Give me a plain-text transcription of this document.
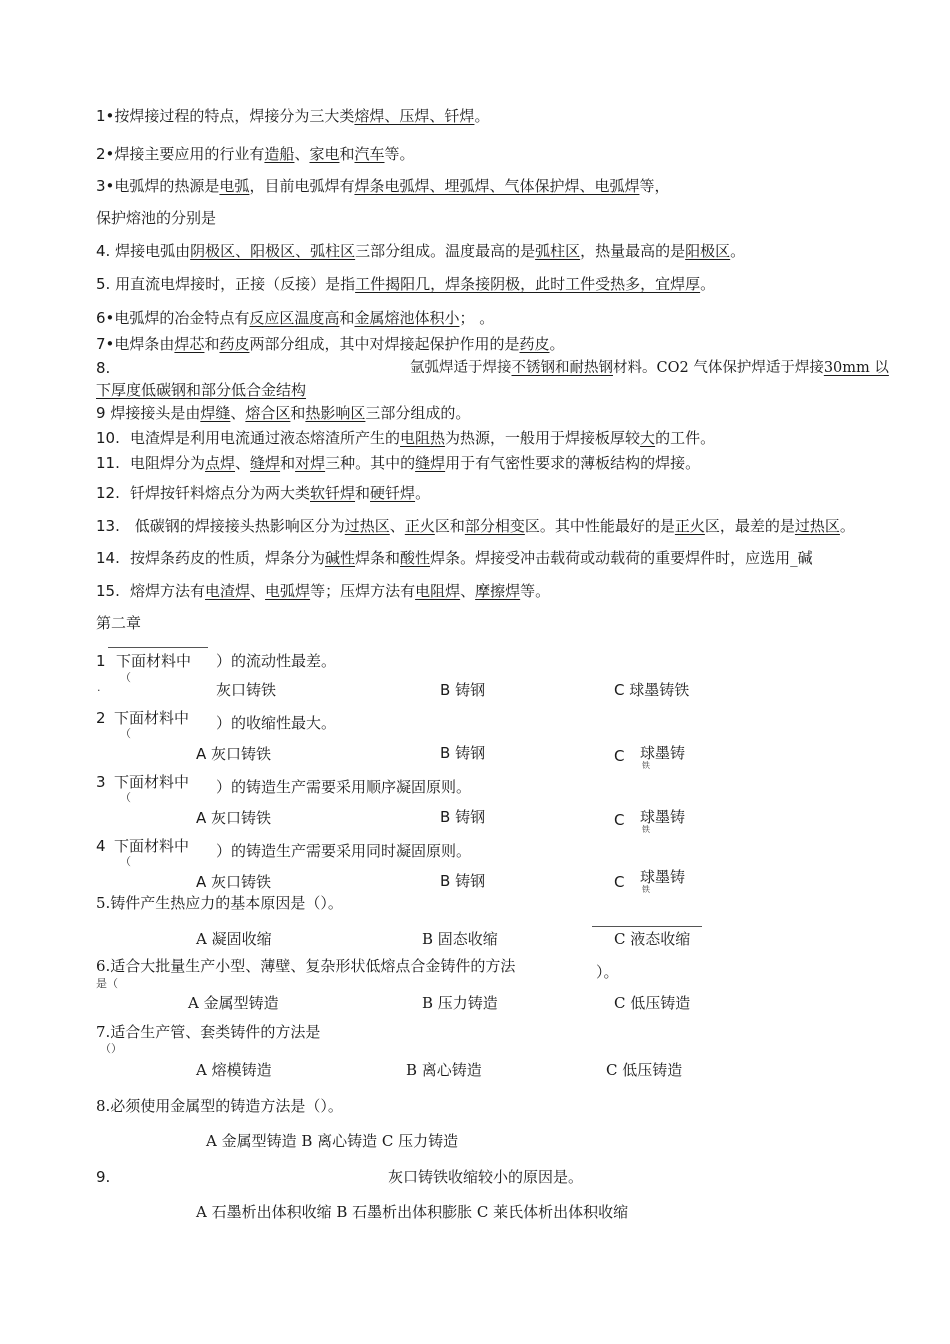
1•按焊接过程的特点，焊接分为三大类熔焊、压焊、钎焊。
2•焊接主要应用的行业有造船、家电和汽车等。
3•电弧焊的热源是电弧，目前电弧焊有焊条电弧焊、埋弧焊、气体保护焊、电弧焊等，
保护熔池的分别是
4. 焊接电弧由阴极区、阳极区、弧柱区三部分组成。温度最高的是弧柱区，热量最高的是阳极区。
5. 用直流电焊接时，正接（反接）是指工件揭阳几，焊条接阴极，此时工件受热多，宜焊厚。
6•电弧焊的冶金特点有反应区温度高和金属熔池体积小； 。
7•电焊条由焊芯和药皮两部分组成，其中对焊接起保护作用的是药皮。
8.	氩弧焊适于焊接不锈钢和耐热钢材料。CO2 气体保护焊适于焊接30mm 以
下厚度低碳钢和部分低合金结构
9 焊接接头是由焊缝、熔合区和热影响区三部分组成的。
10. 电渣焊是利用电流通过液态熔渣所产生的电阻热为热源，一般用于焊接板厚较大的工件。
11. 电阻焊分为点焊、缝焊和对焊三种。其中的缝焊用于有气密性要求的薄板结构的焊接。
12. 钎焊按钎料熔点分为两大类软钎焊和硬钎焊。
13. 低碳钢的焊接接头热影响区分为过热区、正火区和部分相变区。其中性能最好的是正火区，最差的是过热区。
14. 按焊条药皮的性质，焊条分为碱性焊条和酸性焊条。焊接受冲击载荷或动载荷的重要焊件时，应选用_碱
15. 熔焊方法有电渣焊、电弧焊等；压焊方法有电阻焊、摩擦焊等。
第二章
1
.
下面材料中
（
）的流动性最差。
灰口铸铁	B 铸钢	C 球墨铸铁
2 下面材料中
（
）的收缩性最大。
A 灰口铸铁	B 铸钢	C 球墨铸
铁
3 下面材料中
（
）的铸造生产需要采用顺序凝固原则。
A 灰口铸铁	B 铸钢	C 球墨铸
铁
4 下面材料中
（
）的铸造生产需要采用同时凝固原则。
A 灰口铸铁	B 铸钢	C 球墨铸
铁
5.铸件产生热应力的基本原因是（）。
A 凝固收缩	B 固态收缩	C 液态收缩
6.适合大批量生产小型、薄壁、复杂形状低熔点合金铸件的方法
是（
）。
A 金属型铸造	B 压力铸造	C 低压铸造
7.适合生产管、套类铸件的方法是
（）
A 熔模铸造	B 离心铸造	C 低压铸造
8.必须使用金属型的铸造方法是（）。
A 金属型铸造 B 离心铸造 C 压力铸造
9.	灰口铸铁收缩较小的原因是。
A 石墨析出体积收缩 B 石墨析出体积膨胀 C 莱氏体析出体积收缩
